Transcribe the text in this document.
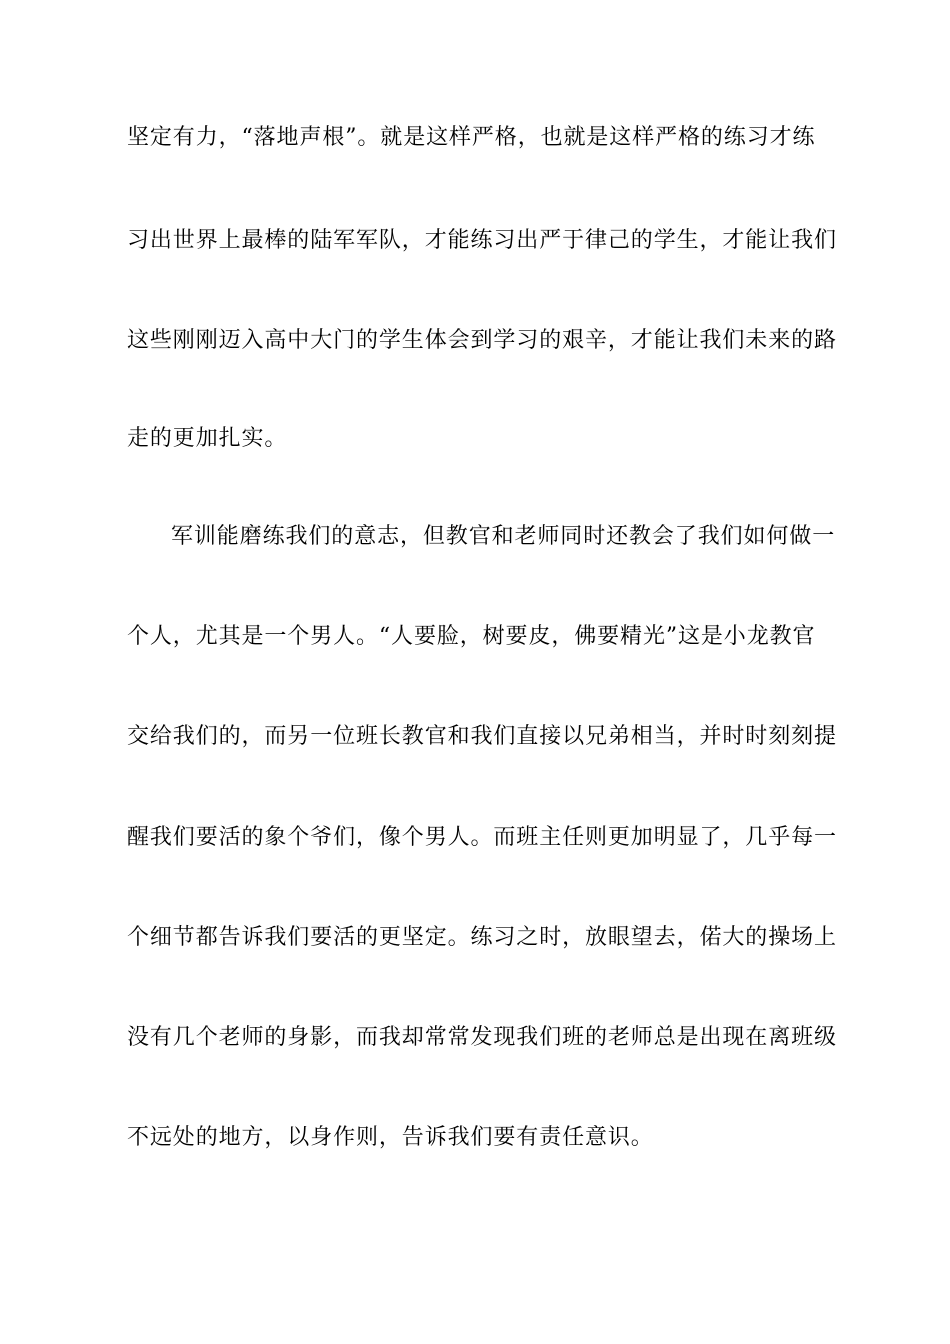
坚定有力，“落地声根”。就是这样严格，也就是这样严格的练习才练
习出世界上最棒的陆军军队，才能练习出严于律己的学生，才能让我们
这些刚刚迈入高中大门的学生体会到学习的艰辛，才能让我们未来的路
走的更加扎实。
军训能磨练我们的意志，但教官和老师同时还教会了我们如何做一
个人，尤其是一个男人。“人要脸，树要皮，佛要精光”这是小龙教官
交给我们的，而另一位班长教官和我们直接以兄弟相当，并时时刻刻提
醒我们要活的象个爷们，像个男人。而班主任则更加明显了，几乎每一
个细节都告诉我们要活的更坚定。练习之时，放眼望去，偌大的操场上
没有几个老师的身影，而我却常常发现我们班的老师总是出现在离班级
不远处的地方，以身作则，告诉我们要有责任意识。
